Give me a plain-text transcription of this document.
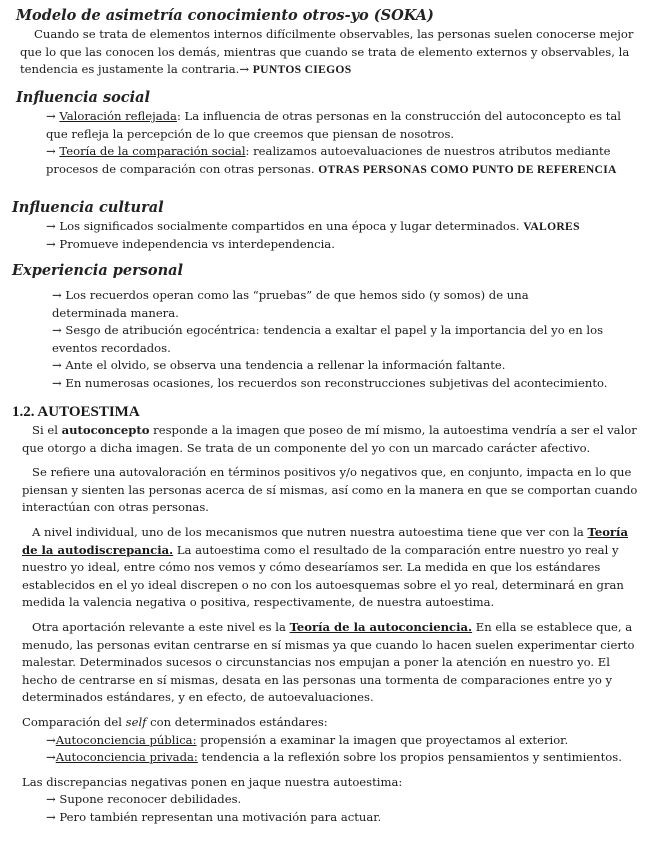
Modelo de asimetría conocimiento otros-yo (SOKA)

Cuando se trata de elementos internos difícilmente observables, las personas suelen conocerse mejor que lo que las conocen los demás, mientras que cuando se trata de elemento externos y observables, la tendencia es justamente la contraria.→ PUNTOS CIEGOS

Influencia social
→ Valoración reflejada: La influencia de otras personas en la construcción del autoconcepto es tal que refleja la percepción de lo que creemos que piensan de nosotros.
→ Teoría de la comparación social: realizamos autoevaluaciones de nuestros atributos mediante procesos de comparación con otras personas. OTRAS PERSONAS COMO PUNTO DE REFERENCIA
Influencia cultural
→ Los significados socialmente compartidos en una época y lugar determinados. VALORES
→ Promueve independencia vs interdependencia.
Experiencia personal
→ Los recuerdos operan como las “pruebas” de que hemos sido (y somos) de una determinada manera.
→ Sesgo de atribución egocéntrica: tendencia a exaltar el papel y la importancia del yo en los eventos recordados.
→ Ante el olvido, se observa una tendencia a rellenar la información faltante.
→ En numerosas ocasiones, los recuerdos son reconstrucciones subjetivas del acontecimiento.
1.2. AUTOESTIMA

Si el autoconcepto responde a la imagen que poseo de mí mismo, la autoestima vendría a ser el valor que otorgo a dicha imagen. Se trata de un componente del yo con un marcado carácter afectivo.

Se refiere una autovaloración en términos positivos y/o negativos que, en conjunto, impacta en lo que piensan y sienten las personas acerca de sí mismas, así como en la manera en que se comportan cuando interactúan con otras personas.

A nivel individual, uno de los mecanismos que nutren nuestra autoestima tiene que ver con la Teoría de la autodiscrepancia. La autoestima como el resultado de la comparación entre nuestro yo real y nuestro yo ideal, entre cómo nos vemos y cómo desearíamos ser. La medida en que los estándares establecidos en el yo ideal discrepen o no con los autoesquemas sobre el yo real, determinará en gran medida la valencia negativa o positiva, respectivamente, de nuestra autoestima.

Otra aportación relevante a este nivel es la Teoría de la autoconciencia. En ella se establece que, a menudo, las personas evitan centrarse en sí mismas ya que cuando lo hacen suelen experimentar cierto malestar. Determinados sucesos o circunstancias nos empujan a poner la atención en nuestro yo. El hecho de centrarse en sí mismas, desata en las personas una tormenta de comparaciones entre yo y determinados estándares, y en efecto, de autoevaluaciones.

Comparación del self con determinados estándares:

→Autoconciencia pública: propensión a examinar la imagen que proyectamos al exterior.
→Autoconciencia privada: tendencia a la reflexión sobre los propios pensamientos y sentimientos.

Las discrepancias negativas ponen en jaque nuestra autoestima:

→ Supone reconocer debilidades.
→ Pero también representan una motivación para actuar.
